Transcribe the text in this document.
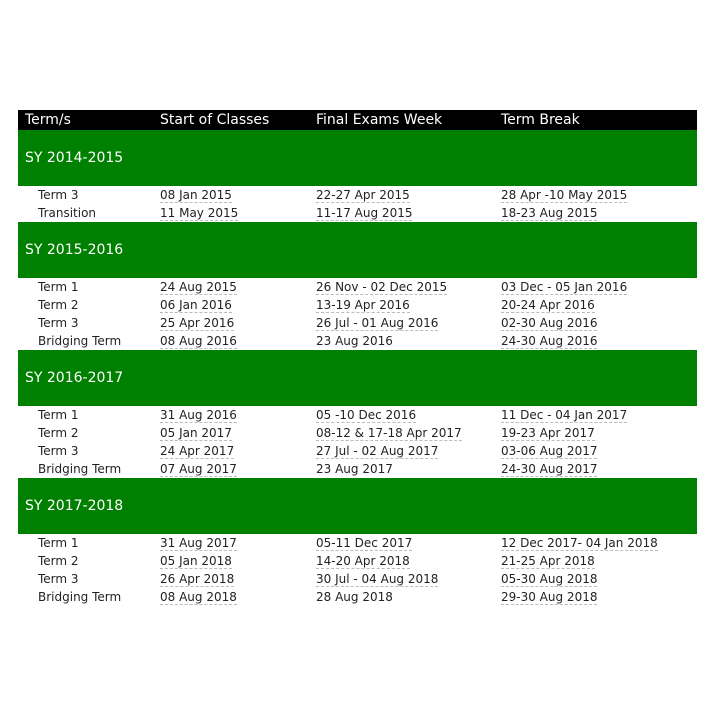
Term/s	Start of Classes	Final Exams Week	Term Break
SY 2014-2015
Term 3	08 Jan 2015	22-27 Apr 2015	28 Apr -10 May 2015
Transition	11 May 2015	11-17 Aug 2015	18-23 Aug 2015
SY 2015-2016
Term 1	24 Aug 2015	26 Nov - 02 Dec 2015	03 Dec - 05 Jan 2016
Term 2	06 Jan 2016	13-19 Apr 2016	20-24 Apr 2016
Term 3	25 Apr 2016	26 Jul - 01 Aug 2016	02-30 Aug 2016
Bridging Term	08 Aug 2016	23 Aug 2016	24-30 Aug 2016
SY 2016-2017
Term 1	31 Aug 2016	05 -10 Dec 2016	11 Dec - 04 Jan 2017
Term 2	05 Jan 2017	08-12 & 17-18 Apr 2017	19-23 Apr 2017
Term 3	24 Apr 2017	27 Jul - 02 Aug 2017	03-06 Aug 2017
Bridging Term	07 Aug 2017	23 Aug 2017	24-30 Aug 2017
SY 2017-2018
Term 1	31 Aug 2017	05-11 Dec 2017	12 Dec 2017- 04 Jan 2018
Term 2	05 Jan 2018	14-20 Apr 2018	21-25 Apr 2018
Term 3	26 Apr 2018	30 Jul - 04 Aug 2018	05-30 Aug 2018
Bridging Term	08 Aug 2018	28 Aug 2018	29-30 Aug 2018
